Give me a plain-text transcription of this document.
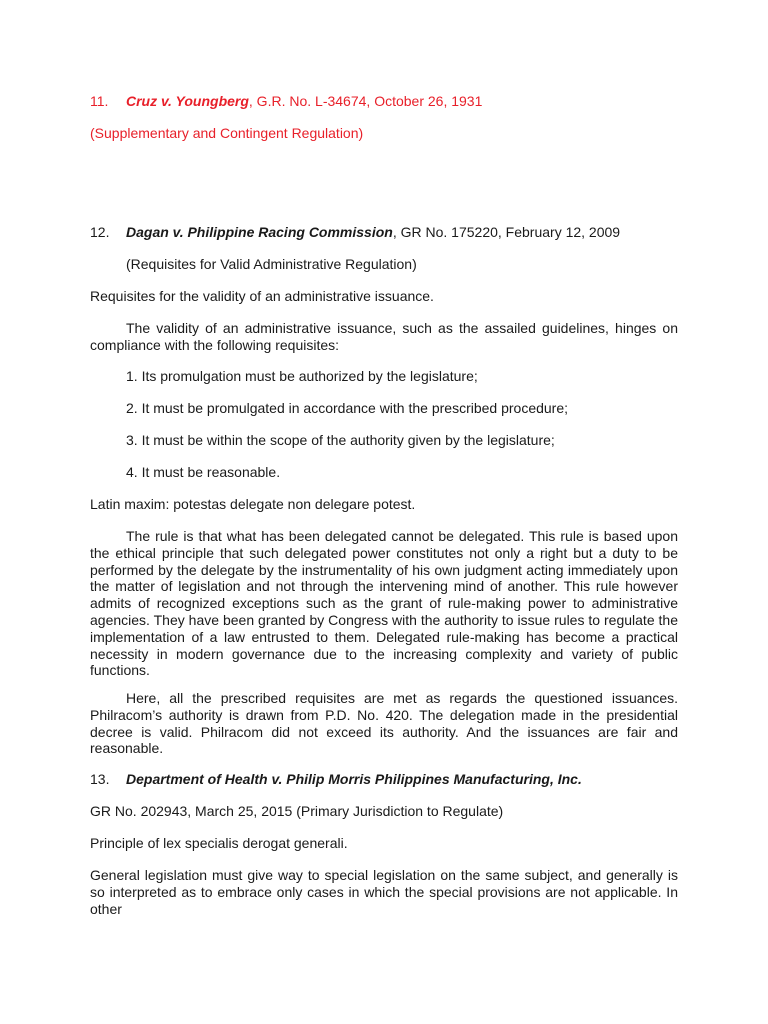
11. Cruz v. Youngberg, G.R. No. L-34674, October 26, 1931

(Supplementary and Contingent Regulation)

12. Dagan v. Philippine Racing Commission, GR No. 175220, February 12, 2009

(Requisites for Valid Administrative Regulation)

Requisites for the validity of an administrative issuance.

The validity of an administrative issuance, such as the assailed guidelines, hinges on compliance with the following requisites:

1. Its promulgation must be authorized by the legislature;

2. It must be promulgated in accordance with the prescribed procedure;

3. It must be within the scope of the authority given by the legislature;

4. It must be reasonable.

Latin maxim: potestas delegate non delegare potest.

The rule is that what has been delegated cannot be delegated. This rule is based upon the ethical principle that such delegated power constitutes not only a right but a duty to be performed by the delegate by the instrumentality of his own judgment acting immediately upon the matter of legislation and not through the intervening mind of another. This rule however admits of recognized exceptions such as the grant of rule-making power to administrative agencies. They have been granted by Congress with the authority to issue rules to regulate the implementation of a law entrusted to them. Delegated rule-making has become a practical necessity in modern governance due to the increasing complexity and variety of public functions.

Here, all the prescribed requisites are met as regards the questioned issuances. Philracom’s authority is drawn from P.D. No. 420. The delegation made in the presidential decree is valid. Philracom did not exceed its authority. And the issuances are fair and reasonable.

13. Department of Health v. Philip Morris Philippines Manufacturing, Inc.

GR No. 202943, March 25, 2015 (Primary Jurisdiction to Regulate)

Principle of lex specialis derogat generali.

General legislation must give way to special legislation on the same subject, and generally is so interpreted as to embrace only cases in which the special provisions are not applicable. In other
